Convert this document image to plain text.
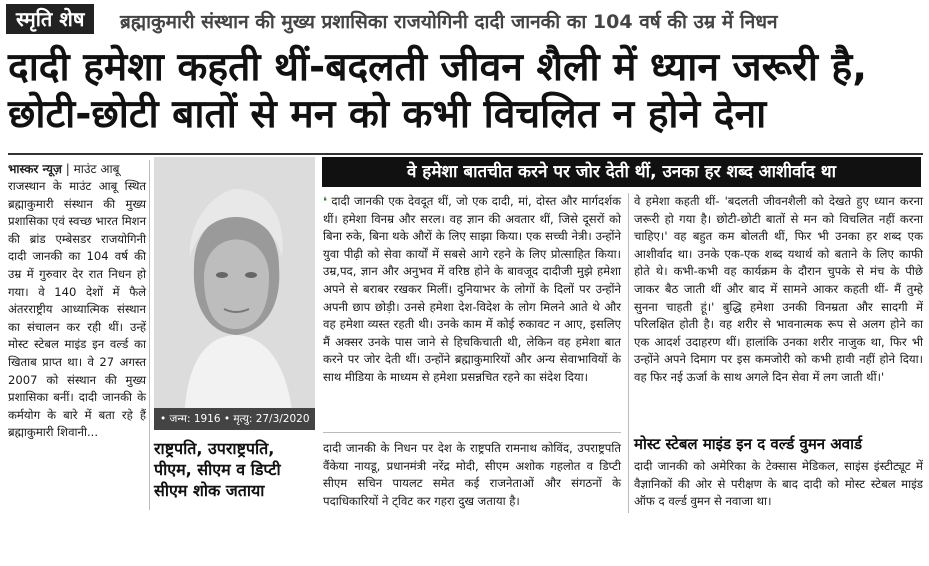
स्मृति शेष	ब्रह्माकुमारी संस्थान की मुख्य प्रशासिका राजयोगिनी दादी जानकी का 104 वर्ष की उम्र में निधन
दादी हमेशा कहती थीं-बदलती जीवन शैली में ध्यान जरूरी है, छोटी-छोटी बातों से मन को कभी विचलित न होने देना
भास्कर न्यूज़ | माउंट आबू
राजस्थान के माउंट आबू स्थित ब्रह्माकुमारी संस्थान की मुख्य प्रशासिका एवं स्वच्छ भारत मिशन की ब्रांड एम्बेसडर राजयोगिनी दादी जानकी का 104 वर्ष की उम्र में गुरुवार देर रात निधन हो गया। वे 140 देशों में फैले अंतरराष्ट्रीय आध्यात्मिक संस्थान का संचालन कर रही थीं। उन्हें मोस्ट स्टेबल माइंड इन वर्ल्ड का खिताब प्राप्त था। वे 27 अगस्त 2007 को संस्थान की मुख्य प्रशासिका बनीं। दादी जानकी के कर्मयोग के बारे में बता रहे हैं ब्रह्माकुमारी शिवानी...
• जन्म: 1916 • मृत्यु: 27/3/2020
राष्ट्रपति, उपराष्ट्रपति, पीएम, सीएम व डिप्टी सीएम शोक जताया
वे हमेशा बातचीत करने पर जोर देती थीं, उनका हर शब्द आशीर्वाद था
❛ दादी जानकी एक देवदूत थीं, जो एक दादी, मां, दोस्त और मार्गदर्शक थीं। हमेशा विनम्र और सरल। वह ज्ञान की अवतार थीं, जिसे दूसरों को बिना रुके, बिना थके औरों के लिए साझा किया। एक सच्ची नेत्री। उन्होंने युवा पीढ़ी को सेवा कार्यों में सबसे आगे रहने के लिए प्रोत्साहित किया। उम्र,पद, ज्ञान और अनुभव में वरिष्ठ होने के बावजूद दादीजी मुझे हमेशा अपने से बराबर रखकर मिलीं। दुनियाभर के लोगों के दिलों पर उन्होंने अपनी छाप छोड़ी। उनसे हमेशा देश-विदेश के लोग मिलने आते थे और वह हमेशा व्यस्त रहती थी। उनके काम में कोई रुकावट न आए, इसलिए मैं अक्सर उनके पास जाने से हिचकिचाती थी, लेकिन वह हमेशा बात करने पर जोर देती थीं। उन्होंने ब्रह्माकुमारियों और अन्य सेवाभावियों के साथ मीडिया के माध्यम से हमेशा प्रसन्नचित रहने का संदेश दिया।
वे हमेशा कहती थीं- 'बदलती जीवनशैली को देखते हुए ध्यान करना जरूरी हो गया है। छोटी-छोटी बातों से मन को विचलित नहीं करना चाहिए।' वह बहुत कम बोलती थीं, फिर भी उनका हर शब्द एक आशीर्वाद था। उनके एक-एक शब्द यथार्थ को बताने के लिए काफी होते थे। कभी-कभी वह कार्यक्रम के दौरान चुपके से मंच के पीछे जाकर बैठ जाती थीं और बाद में सामने आकर कहती थीं- मैं तुम्हे सुनना चाहती हूं।' बुद्धि हमेशा उनकी विनम्रता और सादगी में परिलक्षित होती है। वह शरीर से भावनात्मक रूप से अलग होने का एक आदर्श उदाहरण थीं। हालांकि उनका शरीर नाजुक था, फिर भी उन्होंने अपने दिमाग पर इस कमजोरी को कभी हावी नहीं होने दिया। वह फिर नई ऊर्जा के साथ अगले दिन सेवा में लग जाती थीं।'
दादी जानकी के निधन पर देश के राष्ट्रपति रामनाथ कोविंद, उपराष्ट्रपति वैंकेया नायडू, प्रधानमंत्री नरेंद्र मोदी, सीएम अशोक गहलोत व डिप्टी सीएम सचिन पायलट समेत कई राजनेताओं और संगठनों के पदाधिकारियों ने ट्विट कर गहरा दुख जताया है।
मोस्ट स्टेबल माइंड इन द वर्ल्ड वुमन अवार्ड
दादी जानकी को अमेरिका के टेक्सास मेडिकल, साइंस इंस्टीट्यूट में वैज्ञानिकों की ओर से परीक्षण के बाद दादी को मोस्ट स्टेबल माइंड ऑफ द वर्ल्ड वुमन से नवाजा था।
